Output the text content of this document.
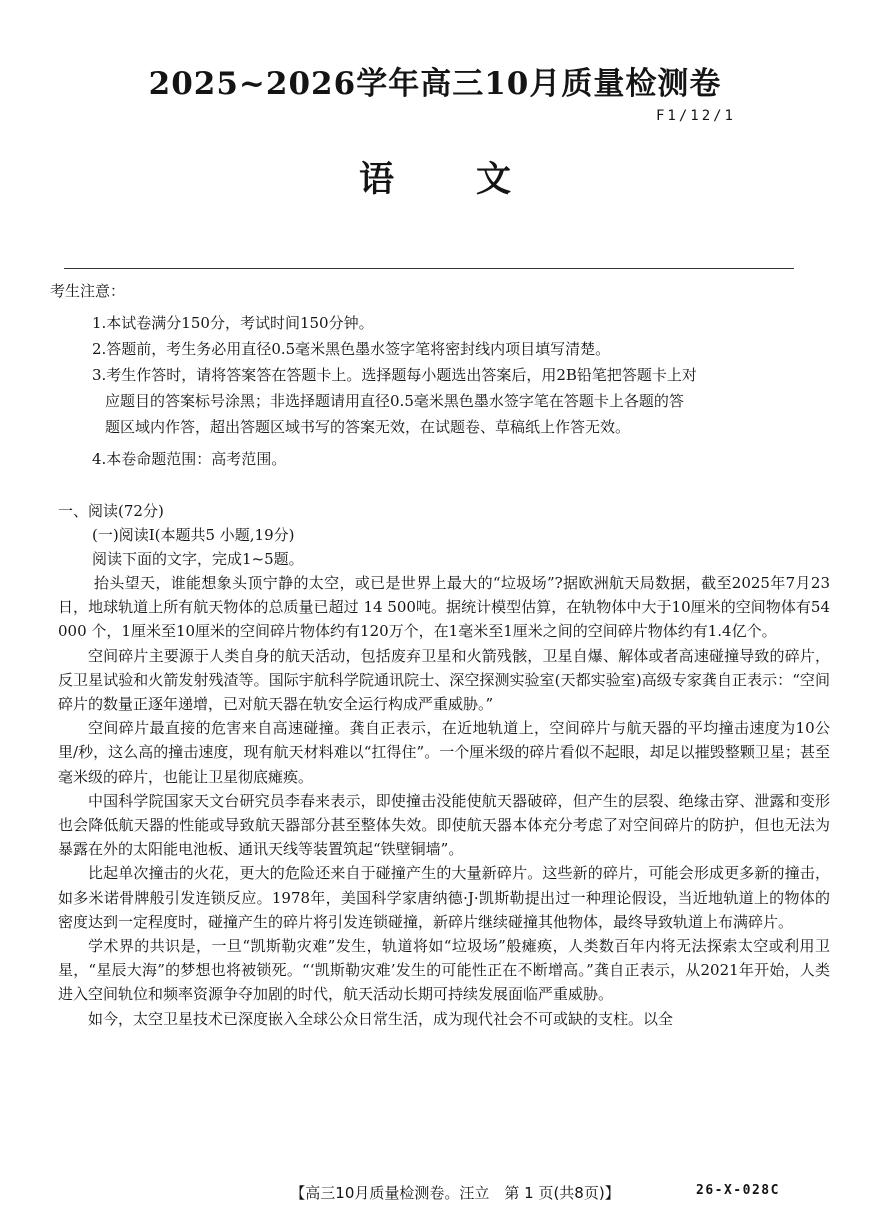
2025~2026学年高三10月质量检测卷
F1/12/1
语 文
考生注意：
1.本试卷满分150分，考试时间150分钟。
2.答题前，考生务必用直径0.5毫米黑色墨水签字笔将密封线内项目填写清楚。
3.考生作答时，请将答案答在答题卡上。选择题每小题选出答案后，用2B铅笔把答题卡上对
应题目的答案标号涂黑；非选择题请用直径0.5毫米黑色墨水签字笔在答题卡上各题的答
题区域内作答，超出答题区域书写的答案无效，在试题卷、草稿纸上作答无效。
4.本卷命题范围：高考范围。
一、阅读(72分)
(一)阅读Ⅰ(本题共5 小题,19分)
阅读下面的文字，完成1~5题。

抬头望天，谁能想象头顶宁静的太空，或已是世界上最大的“垃圾场”?据欧洲航天局数据，截至2025年7月23 日，地球轨道上所有航天物体的总质量已超过 14 500吨。据统计模型估算，在轨物体中大于10厘米的空间物体有54 000 个，1厘米至10厘米的空间碎片物体约有120万个，在1毫米至1厘米之间的空间碎片物体约有1.4亿个。

空间碎片主要源于人类自身的航天活动，包括废弃卫星和火箭残骸，卫星自爆、解体或者高速碰撞导致的碎片，反卫星试验和火箭发射残渣等。国际宇航科学院通讯院士、深空探测实验室(天都实验室)高级专家龚自正表示：“空间碎片的数量正逐年递增，已对航天器在轨安全运行构成严重威胁。”

空间碎片最直接的危害来自高速碰撞。龚自正表示，在近地轨道上，空间碎片与航天器的平均撞击速度为10公里/秒，这么高的撞击速度，现有航天材料难以“扛得住”。一个厘米级的碎片看似不起眼，却足以摧毁整颗卫星；甚至毫米级的碎片，也能让卫星彻底瘫痪。

中国科学院国家天文台研究员李春来表示，即使撞击没能使航天器破碎，但产生的层裂、绝缘击穿、泄露和变形也会降低航天器的性能或导致航天器部分甚至整体失效。即使航天器本体充分考虑了对空间碎片的防护，但也无法为暴露在外的太阳能电池板、通讯天线等装置筑起“铁壁铜墙”。

比起单次撞击的火花，更大的危险还来自于碰撞产生的大量新碎片。这些新的碎片，可能会形成更多新的撞击，如多米诺骨牌般引发连锁反应。1978年，美国科学家唐纳德·J·凯斯勒提出过一种理论假设，当近地轨道上的物体的密度达到一定程度时，碰撞产生的碎片将引发连锁碰撞，新碎片继续碰撞其他物体，最终导致轨道上布满碎片。

学术界的共识是，一旦“凯斯勒灾难”发生，轨道将如“垃圾场”般瘫痪，人类数百年内将无法探索太空或利用卫星，“星辰大海”的梦想也将被锁死。“‘凯斯勒灾难’发生的可能性正在不断增高。”龚自正表示，从2021年开始，人类进入空间轨位和频率资源争夺加剧的时代，航天活动长期可持续发展面临严重威胁。

如今，太空卫星技术已深度嵌入全球公众日常生活，成为现代社会不可或缺的支柱。以全

【高三10月质量检测卷。汪立　第 1 页(共8页)】	26-X-028C
